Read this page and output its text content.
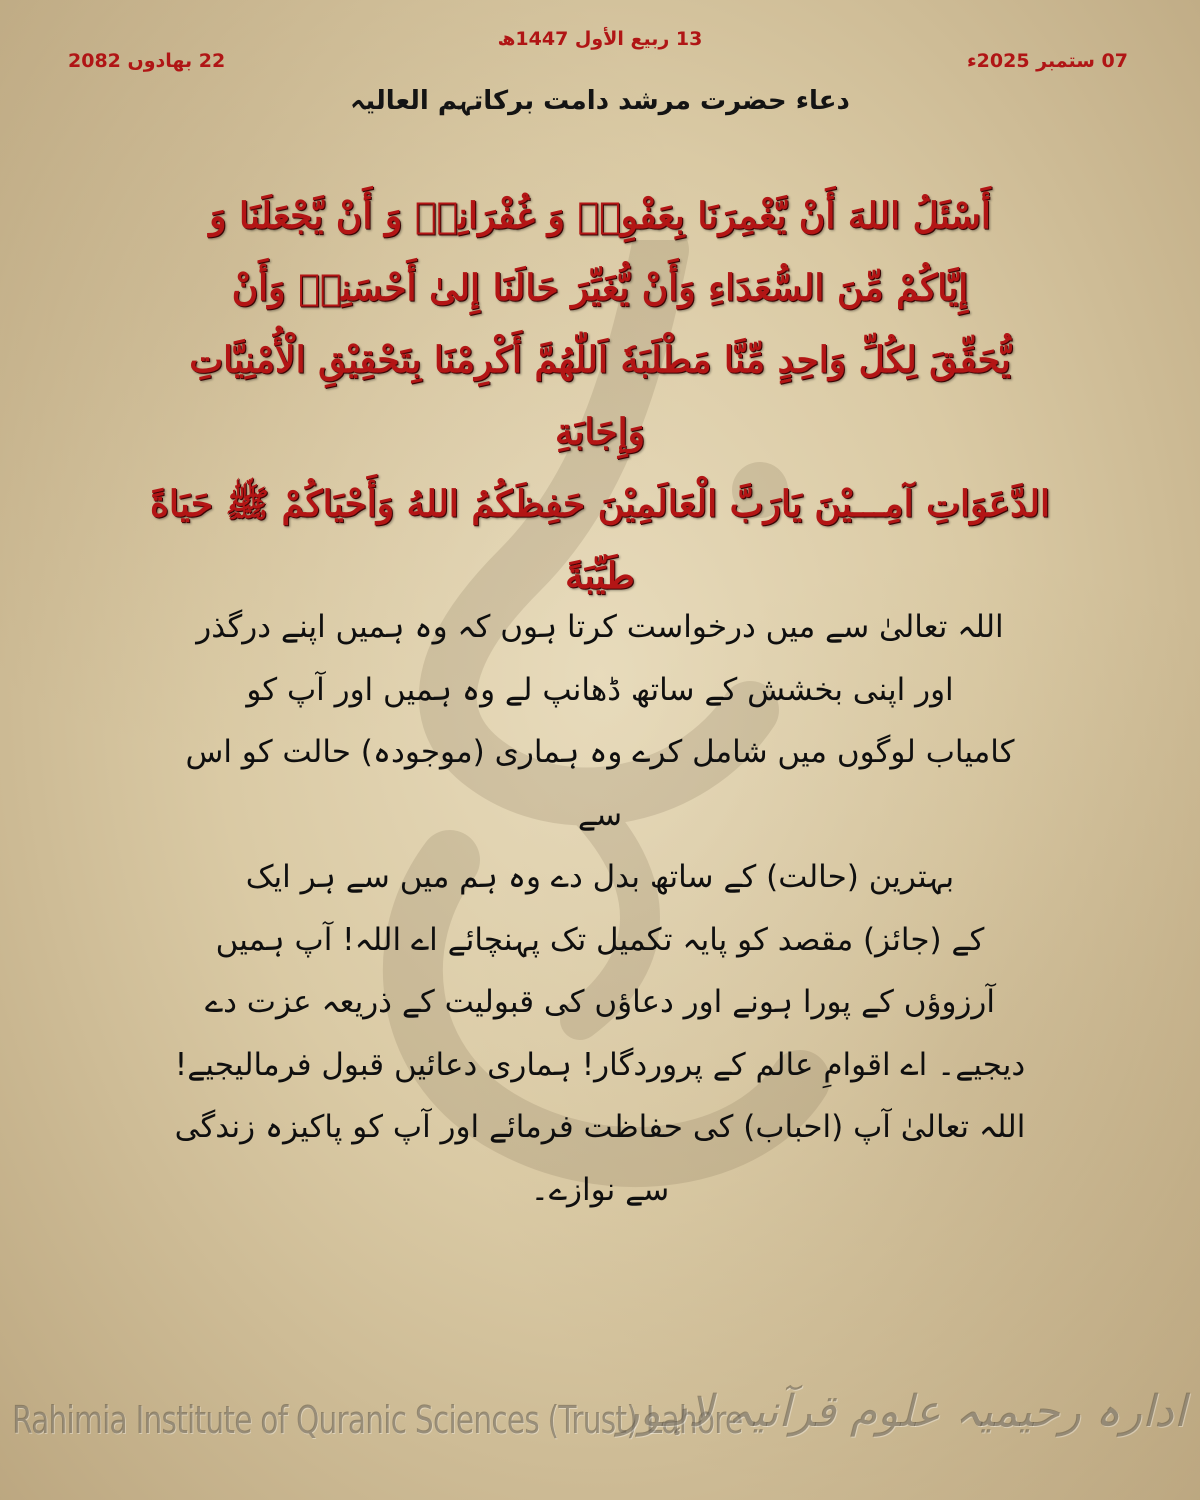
13 ربیع الأول 1447ھ
07 ستمبر 2025ء
22 بھادوں 2082
دعاء حضرت مرشد دامت برکاتہم العالیہ
أَسْئَلُ اللهَ أَنْ يَّغْمِرَنَا بِعَفْوِهٖ وَ غُفْرَانِهٖ وَ أَنْ يَّجْعَلَنَا وَ
إِيَّاكُمْ مِّنَ السُّعَدَاءِ وَأَنْ يُّغَيِّرَ حَالَنَا إِلىٰ أَحْسَنِهٖ وَأَنْ
يُّحَقِّقَ لِكُلِّ وَاحِدٍ مِّنَّا مَطْلَبَهٗ اَللّٰهُمَّ أَكْرِمْنَا بِتَحْقِيْقِ الْأُمْنِيَّاتِ وَإِجَابَةِ
الدَّعَوَاتِ آمِـــيْنَ يَارَبَّ الْعَالَمِيْنَ حَفِظَكُمُ اللهُ وَأَحْيَاكُمْ ﷺ حَيَاةً طَيِّبَةً
اللہ تعالیٰ سے میں درخواست کرتا ہوں کہ وہ ہمیں اپنے درگذر
اور اپنی بخشش کے ساتھ ڈھانپ لے وہ ہمیں اور آپ کو
کامیاب لوگوں میں شامل کرے وہ ہماری (موجودہ) حالت کو اس سے
بہترین (حالت) کے ساتھ بدل دے وہ ہم میں سے ہر ایک
کے (جائز) مقصد کو پایہ تکمیل تک پہنچائے اے اللہ! آپ ہمیں
آرزوؤں کے پورا ہونے اور دعاؤں کی قبولیت کے ذریعہ عزت دے
دیجیے۔ اے اقوامِ عالم کے پروردگار! ہماری دعائیں قبول فرمالیجیے!
اللہ تعالیٰ آپ (احباب) کی حفاظت فرمائے اور آپ کو پاکیزہ زندگی
سے نوازے۔
Rahimia Institute of Quranic Sciences (Trust) Lahore
ادارہ رحیمیہ علوم قرآنیہ لاہور
